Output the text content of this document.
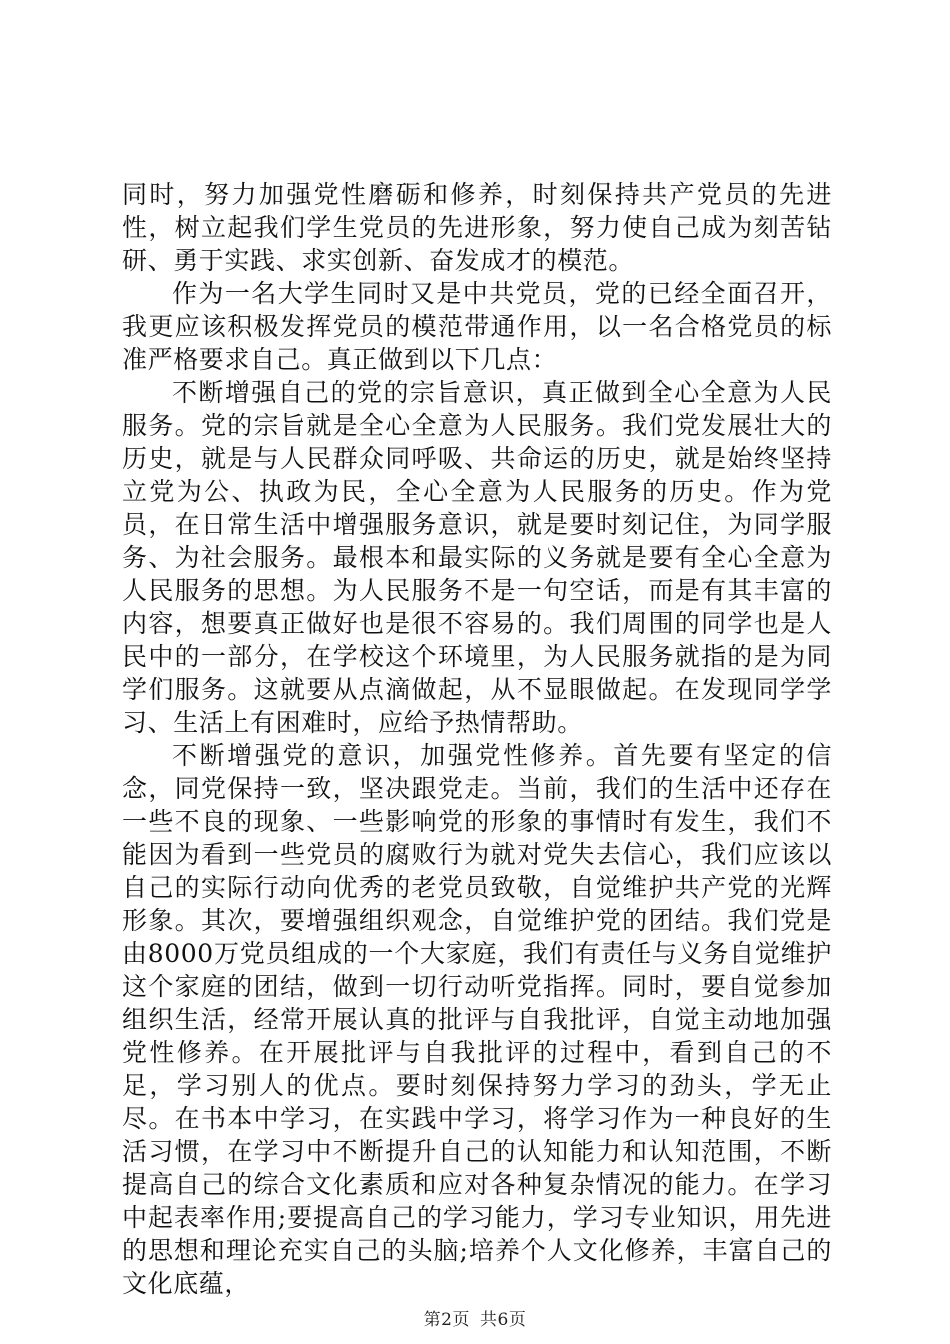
同时，努力加强党性磨砺和修养，时刻保持共产党员的先进性，树立起我们学生党员的先进形象，努力使自己成为刻苦钻研、勇于实践、求实创新、奋发成才的模范。

作为一名大学生同时又是中共党员，党的已经全面召开，我更应该积极发挥党员的模范带通作用，以一名合格党员的标准严格要求自己。真正做到以下几点：

不断增强自己的党的宗旨意识，真正做到全心全意为人民服务。党的宗旨就是全心全意为人民服务。我们党发展壮大的历史，就是与人民群众同呼吸、共命运的历史，就是始终坚持立党为公、执政为民，全心全意为人民服务的历史。作为党员，在日常生活中增强服务意识，就是要时刻记住，为同学服务、为社会服务。最根本和最实际的义务就是要有全心全意为人民服务的思想。为人民服务不是一句空话，而是有其丰富的内容，想要真正做好也是很不容易的。我们周围的同学也是人民中的一部分，在学校这个环境里，为人民服务就指的是为同学们服务。这就要从点滴做起，从不显眼做起。在发现同学学习、生活上有困难时，应给予热情帮助。

不断增强党的意识，加强党性修养。首先要有坚定的信念，同党保持一致，坚决跟党走。当前，我们的生活中还存在一些不良的现象、一些影响党的形象的事情时有发生，我们不能因为看到一些党员的腐败行为就对党失去信心，我们应该以自己的实际行动向优秀的老党员致敬，自觉维护共产党的光辉形象。其次，要增强组织观念，自觉维护党的团结。我们党是由8000万党员组成的一个大家庭，我们有责任与义务自觉维护这个家庭的团结，做到一切行动听党指挥。同时，要自觉参加组织生活，经常开展认真的批评与自我批评，自觉主动地加强党性修养。在开展批评与自我批评的过程中，看到自己的不足，学习别人的优点。要时刻保持努力学习的劲头，学无止尽。在书本中学习，在实践中学习，将学习作为一种良好的生活习惯，在学习中不断提升自己的认知能力和认知范围，不断提高自己的综合文化素质和应对各种复杂情况的能力。在学习中起表率作用;要提高自己的学习能力，学习专业知识，用先进的思想和理论充实自己的头脑;培养个人文化修养，丰富自己的文化底蕴，

第2页 共6页
